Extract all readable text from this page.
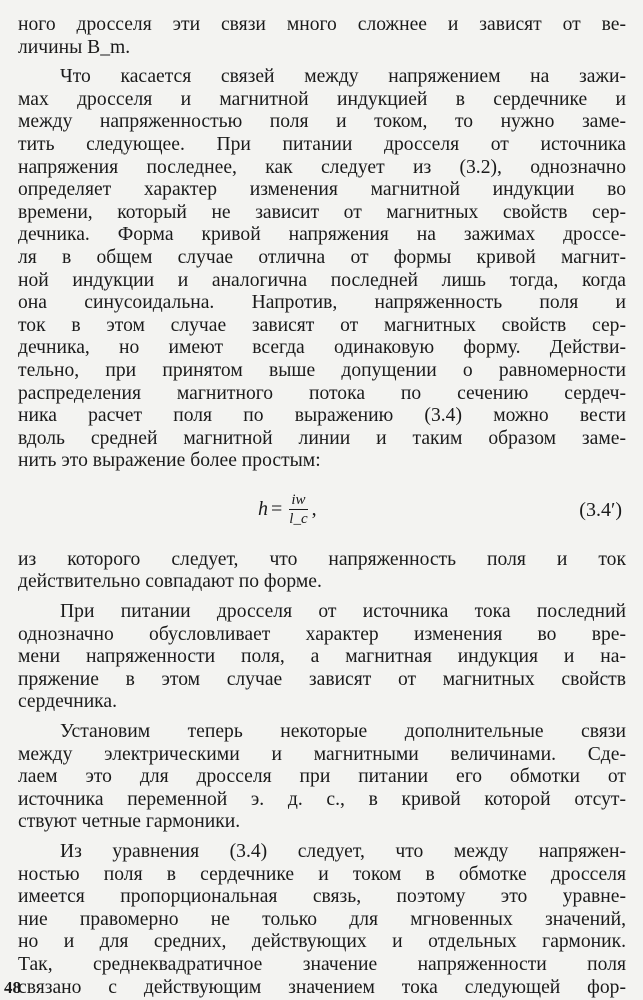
ного дросселя эти связи много сложнее и зависят от ве-
личины B_m.
Что касается связей между напряжением на зажи-
мах дросселя и магнитной индукцией в сердечнике и
между напряженностью поля и током, то нужно заме-
тить следующее. При питании дросселя от источника
напряжения последнее, как следует из (3.2), однозначно
определяет характер изменения магнитной индукции во
времени, который не зависит от магнитных свойств сер-
дечника. Форма кривой напряжения на зажимах дроссе-
ля в общем случае отлична от формы кривой магнит-
ной индукции и аналогична последней лишь тогда, когда
она синусоидальна. Напротив, напряженность поля и
ток в этом случае зависят от магнитных свойств сер-
дечника, но имеют всегда одинаковую форму. Действи-
тельно, при принятом выше допущении о равномерности
распределения магнитного потока по сечению сердеч-
ника расчет поля по выражению (3.4) можно вести
вдоль средней магнитной линии и таким образом заме-
нить это выражение более простым:
$h = \frac{iw}{l\_c}$ ,	(3.4′)
из которого следует, что напряженность поля и ток
действительно совпадают по форме.
При питании дросселя от источника тока последний
однозначно обусловливает характер изменения во вре-
мени напряженности поля, а магнитная индукция и на-
пряжение в этом случае зависят от магнитных свойств
сердечника.
Установим теперь некоторые дополнительные связи
между электрическими и магнитными величинами. Сде-
лаем это для дросселя при питании его обмотки от
источника переменной э. д. с., в кривой которой отсут-
ствуют четные гармоники.
Из уравнения (3.4) следует, что между напряжен-
ностью поля в сердечнике и током в обмотке дросселя
имеется пропорциональная связь, поэтому это уравне-
ние правомерно не только для мгновенных значений,
но и для средних, действующих и отдельных гармоник.
Так, среднеквадратичное значение напряженности поля
связано с действующим значением тока следующей фор-
48
